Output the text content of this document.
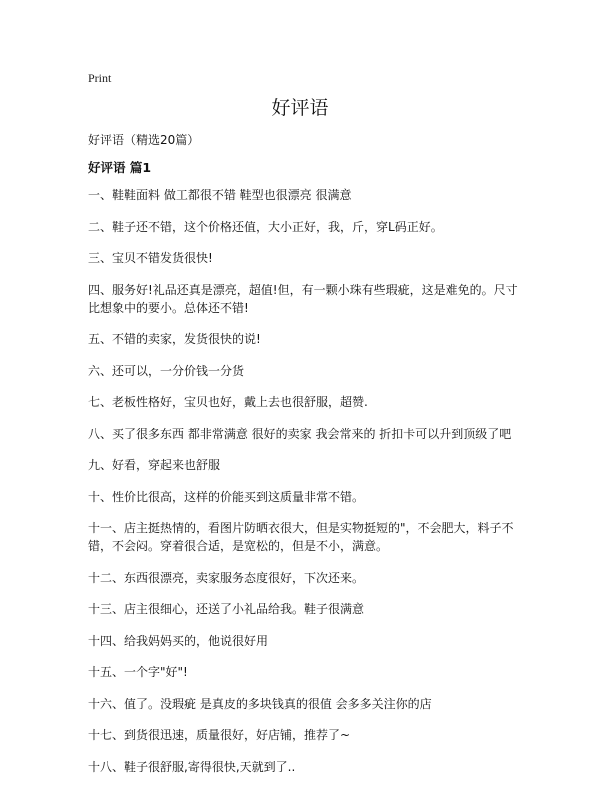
Print

好评语

好评语（精选20篇）

好评语 篇1
一、鞋鞋面料 做工都很不错 鞋型也很漂亮 很满意
二、鞋子还不错，这个价格还值，大小正好，我，斤，穿L码正好。
三、宝贝不错发货很快!
四、服务好!礼品还真是漂亮，超值!但，有一颗小珠有些瑕疵，这是难免的。尺寸比想象中的要小。总体还不错!
五、不错的卖家，发货很快的说!
六、还可以，一分价钱一分货
七、老板性格好，宝贝也好，戴上去也很舒服，超赞.
八、买了很多东西 都非常满意 很好的卖家 我会常来的 折扣卡可以升到顶级了吧
九、好看，穿起来也舒服
十、性价比很高，这样的价能买到这质量非常不错。
十一、店主挺热情的，看图片防晒衣很大，但是实物挺短的"，不会肥大，料子不错，不会闷。穿着很合适，是宽松的，但是不小，满意。
十二、东西很漂亮，卖家服务态度很好，下次还来。
十三、店主很细心，还送了小礼品给我。鞋子很满意
十四、给我妈妈买的，他说很好用
十五、一个字"好"!
十六、值了。没瑕疵 是真皮的多块钱真的很值 会多多关注你的店
十七、到货很迅速，质量很好，好店铺，推荐了~
十八、鞋子很舒服,寄得很快,天就到了..
